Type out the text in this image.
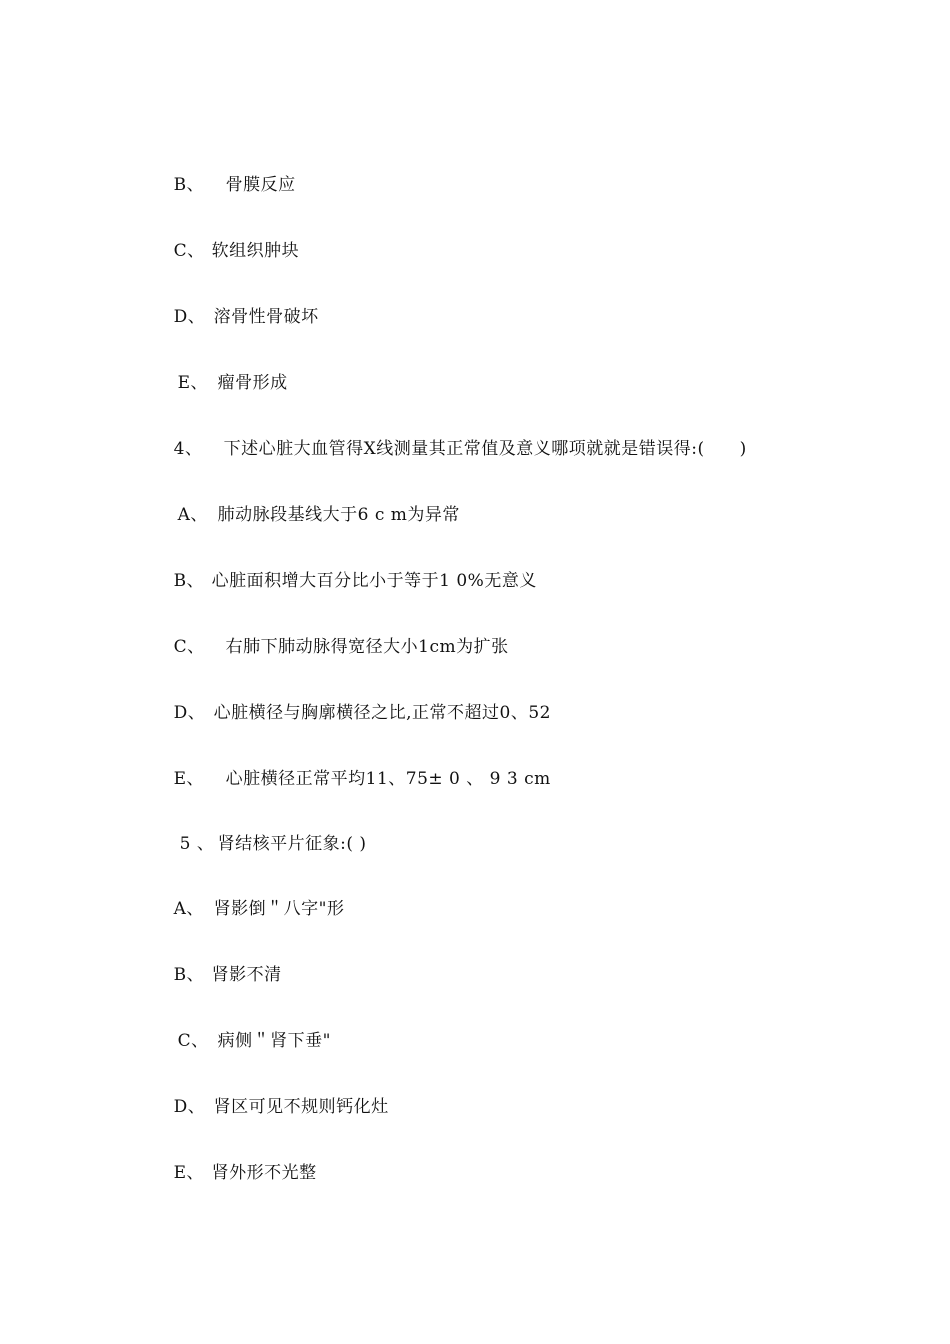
B、 骨膜反应

C、 软组织肿块

D、 溶骨性骨破坏

E、 瘤骨形成

4、 下述心脏大血管得X线测量其正常值及意义哪项就就是错误得:(　　)

A、 肺动脉段基线大于6 c m为异常

B、 心脏面积增大百分比小于等于1 0%无意义

C、 右肺下肺动脉得宽径大小1cm为扩张

D、 心脏横径与胸廓横径之比,正常不超过0、52

E、 心脏横径正常平均11、75± 0 、 9 3 cm

5 、 肾结核平片征象:( )

A、 肾影倒＂八字"形

B、 肾影不清

C、 病侧＂肾下垂"

D、 肾区可见不规则钙化灶

E、 肾外形不光整
